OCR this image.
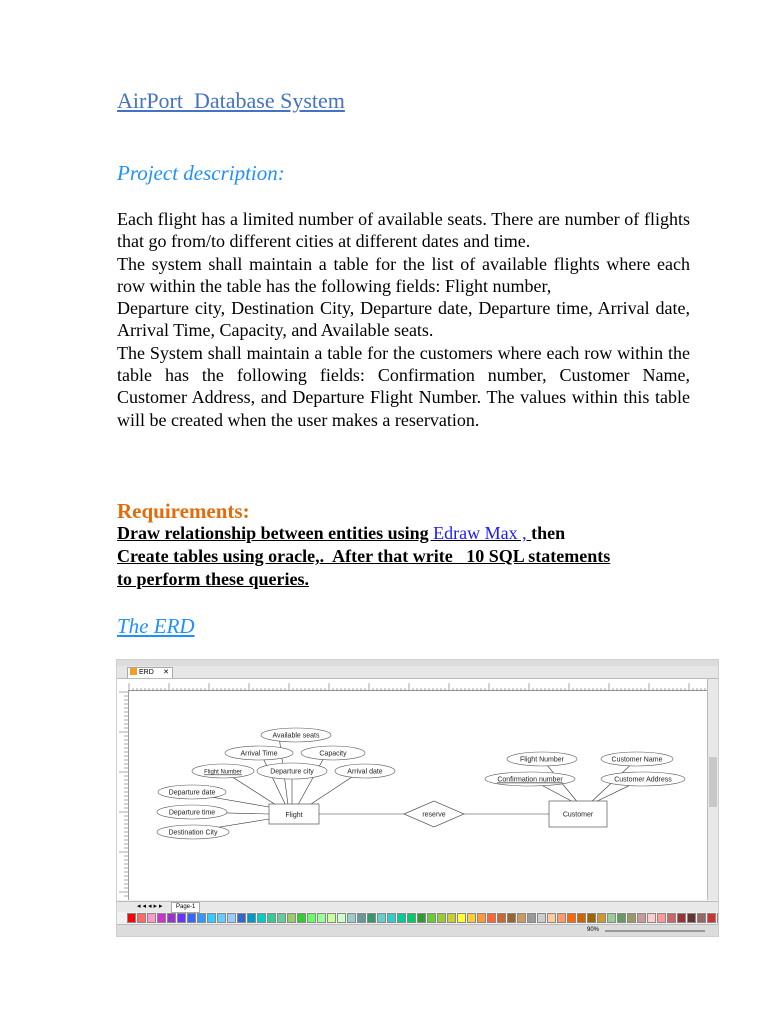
AirPort  Database System
Project description:

Each flight has a limited number of available seats. There are number of flights that go from/to different cities at different dates and time.

The system shall maintain a table for the list of available flights where each row within the table has the following fields: Flight number,

Departure city, Destination City, Departure date, Departure time, Arrival date, Arrival Time, Capacity, and Available seats.

The System shall maintain a table for the customers where each row within the table has the following fields: Confirmation number, Customer Name, Customer Address, and Departure Flight Number. The values within this table will be created when the user makes a reservation.

Requirements:
Draw relationship between entities using Edraw Max , then
Create tables using oracle,.  After that write   10 SQL statements
to perform these queries.
The ERD
ERD ✕
Available seats
Arrival Time	Capacity
Flight Number	Departure city	Arrival date
Departure date
Departure time
Destination City
Flight Number	Customer Name
Confirmation number	Customer Address
Flight	reserve	Customer
◂◂◂▸▸	Page-1
90%
